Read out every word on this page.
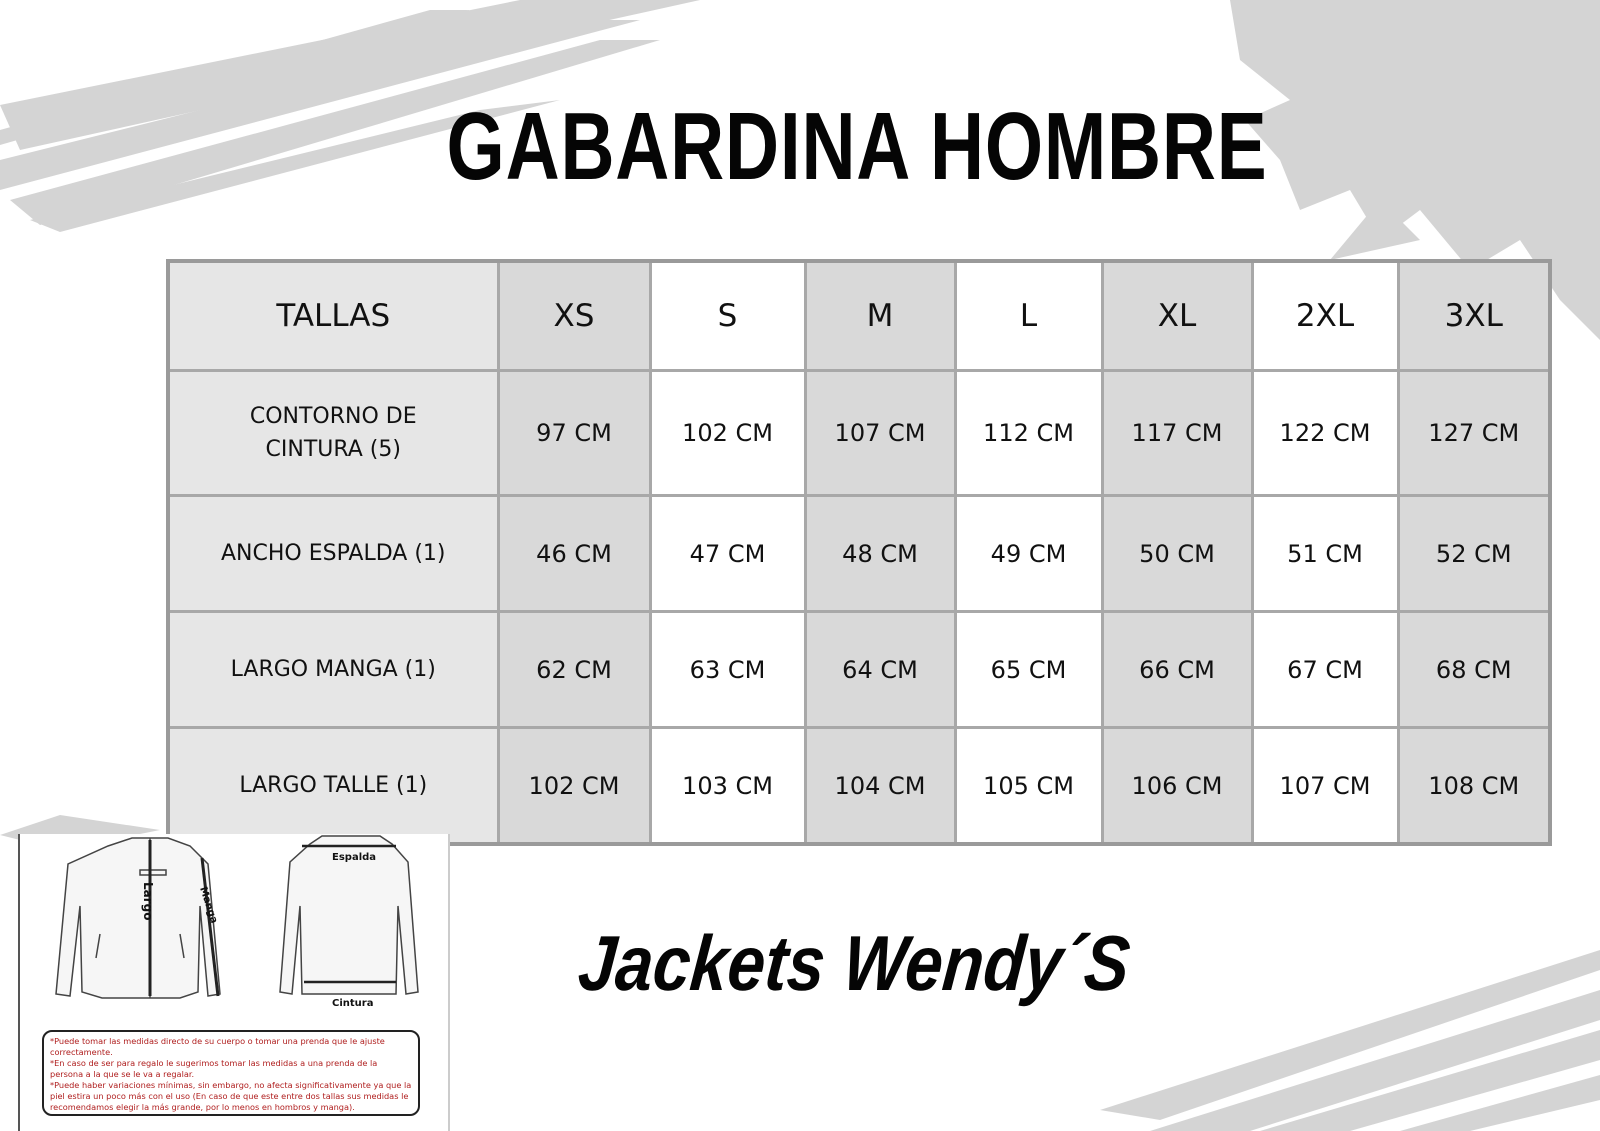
GABARDINA HOMBRE
TALLAS	XS	S	M	L	XL	2XL	3XL
CONTORNO DE CINTURA (5)	97 CM	102 CM	107 CM	112 CM	117 CM	122 CM	127 CM
ANCHO ESPALDA (1)	46 CM	47 CM	48 CM	49 CM	50 CM	51 CM	52 CM
LARGO MANGA (1)	62 CM	63 CM	64 CM	65 CM	66 CM	67 CM	68 CM
LARGO TALLE (1)	102 CM	103 CM	104 CM	105 CM	106 CM	107 CM	108 CM
Largo	Manga
Espalda
Cintura

*Puede tomar las medidas directo de su cuerpo o tomar una prenda que le ajuste correctamente.

*En caso de ser para regalo le sugerimos tomar las medidas a una prenda de la persona a la que se le va a regalar.

*Puede haber variaciones mínimas, sin embargo, no afecta significativamente ya que la piel estira un poco más con el uso (En caso de que este entre dos tallas sus medidas le recomendamos elegir la más grande, por lo menos en hombros y manga).

Jackets Wendy´S
